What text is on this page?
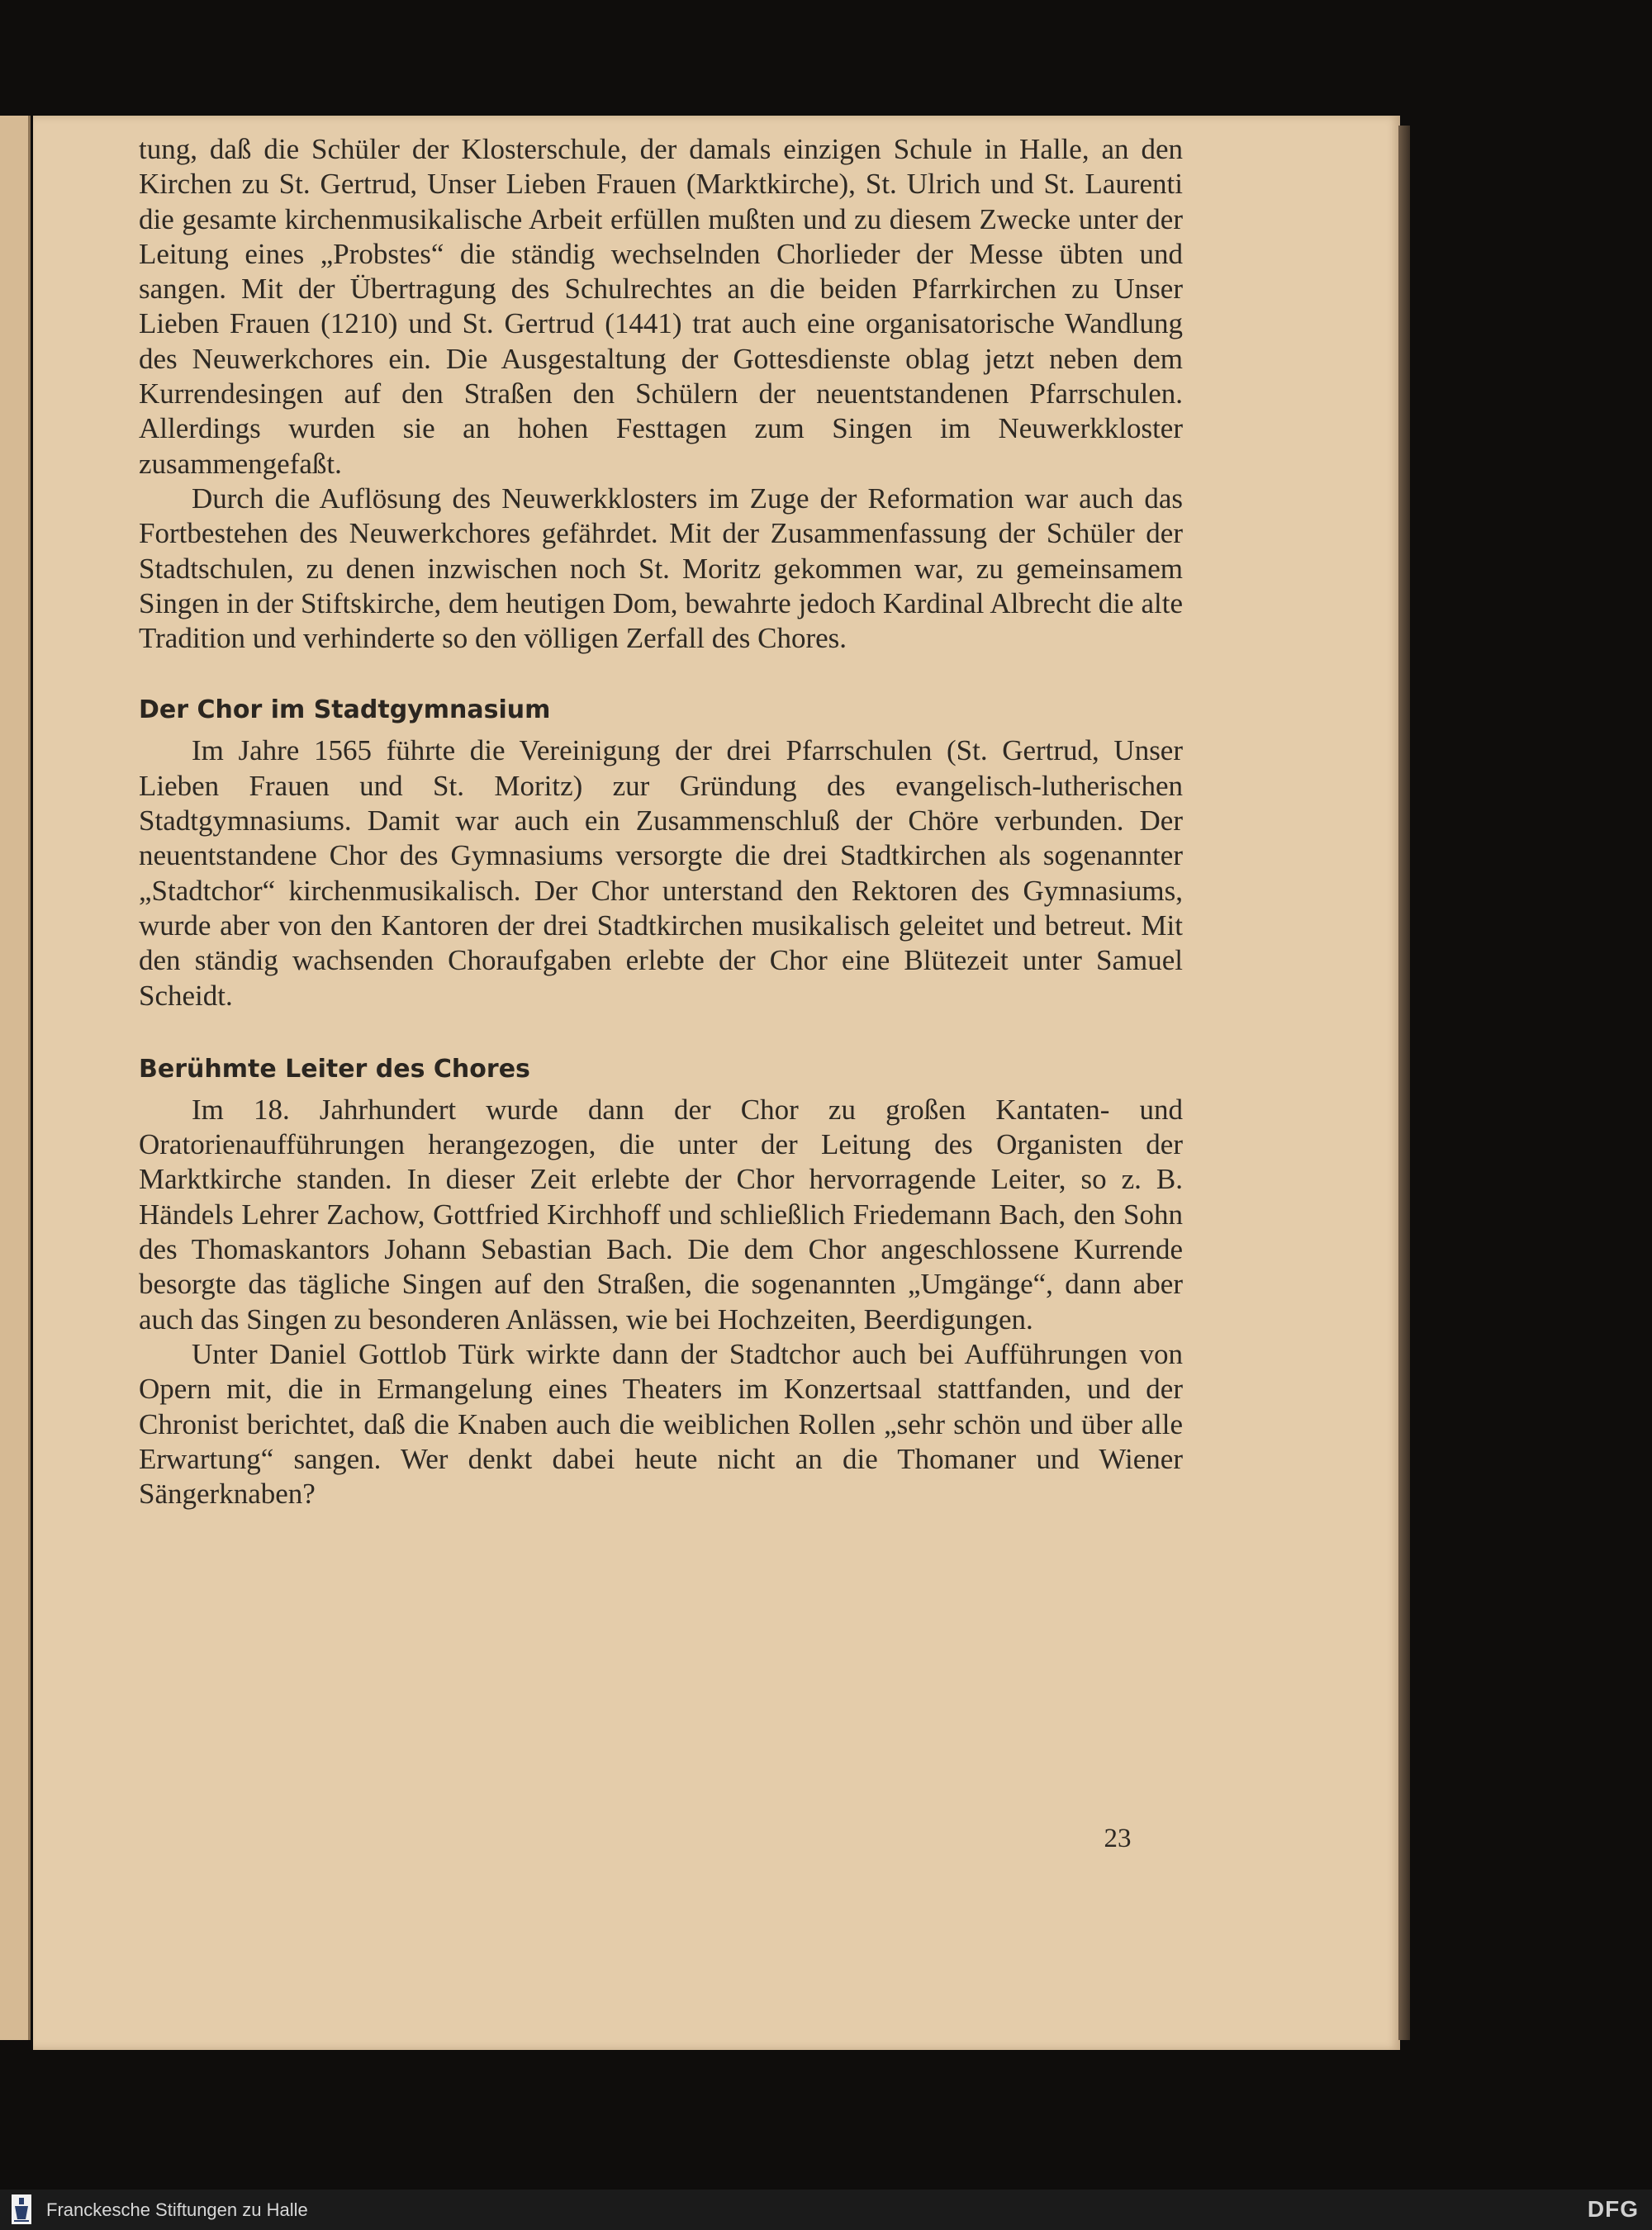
tung, daß die Schüler der Klosterschule, der damals einzigen Schule in Halle, an den Kirchen zu St. Gertrud, Unser Lieben Frauen (Marktkirche), St. Ulrich und St. Laurenti die gesamte kirchenmusikalische Arbeit erfüllen mußten und zu diesem Zwecke unter der Leitung eines „Probstes“ die ständig wechselnden Chorlieder der Messe übten und sangen. Mit der Übertragung des Schulrechtes an die beiden Pfarrkirchen zu Unser Lieben Frauen (1210) und St. Gertrud (1441) trat auch eine organisatorische Wandlung des Neuwerkchores ein. Die Ausgestaltung der Gottesdienste oblag jetzt neben dem Kurrendesingen auf den Straßen den Schülern der neuentstandenen Pfarrschulen. Allerdings wurden sie an hohen Festtagen zum Singen im Neuwerkkloster zusammengefaßt.

Durch die Auflösung des Neuwerkklosters im Zuge der Reformation war auch das Fortbestehen des Neuwerkchores gefährdet. Mit der Zusammenfassung der Schüler der Stadtschulen, zu denen inzwischen noch St. Moritz gekommen war, zu gemeinsamem Singen in der Stiftskirche, dem heutigen Dom, bewahrte jedoch Kardinal Albrecht die alte Tradition und verhinderte so den völligen Zerfall des Chores.

Der Chor im Stadtgymnasium

Im Jahre 1565 führte die Vereinigung der drei Pfarrschulen (St. Gertrud, Unser Lieben Frauen und St. Moritz) zur Gründung des evangelisch-lutherischen Stadtgymnasiums. Damit war auch ein Zusammenschluß der Chöre verbunden. Der neuentstandene Chor des Gymnasiums versorgte die drei Stadtkirchen als sogenannter „Stadtchor“ kirchenmusikalisch. Der Chor unterstand den Rektoren des Gymnasiums, wurde aber von den Kantoren der drei Stadtkirchen musikalisch geleitet und betreut. Mit den ständig wachsenden Choraufgaben erlebte der Chor eine Blütezeit unter Samuel Scheidt.

Berühmte Leiter des Chores

Im 18. Jahrhundert wurde dann der Chor zu großen Kantaten- und Oratorienaufführungen herangezogen, die unter der Leitung des Organisten der Marktkirche standen. In dieser Zeit erlebte der Chor hervorragende Leiter, so z. B. Händels Lehrer Zachow, Gottfried Kirchhoff und schließlich Friedemann Bach, den Sohn des Thomaskantors Johann Sebastian Bach. Die dem Chor angeschlossene Kurrende besorgte das tägliche Singen auf den Straßen, die sogenannten „Umgänge“, dann aber auch das Singen zu besonderen Anlässen, wie bei Hochzeiten, Beerdigungen.

Unter Daniel Gottlob Türk wirkte dann der Stadtchor auch bei Aufführungen von Opern mit, die in Ermangelung eines Theaters im Konzertsaal stattfanden, und der Chronist berichtet, daß die Knaben auch die weiblichen Rollen „sehr schön und über alle Erwartung“ sangen. Wer denkt dabei heute nicht an die Thomaner und Wiener Sängerknaben?

23
Franckesche Stiftungen zu Halle	DFG
